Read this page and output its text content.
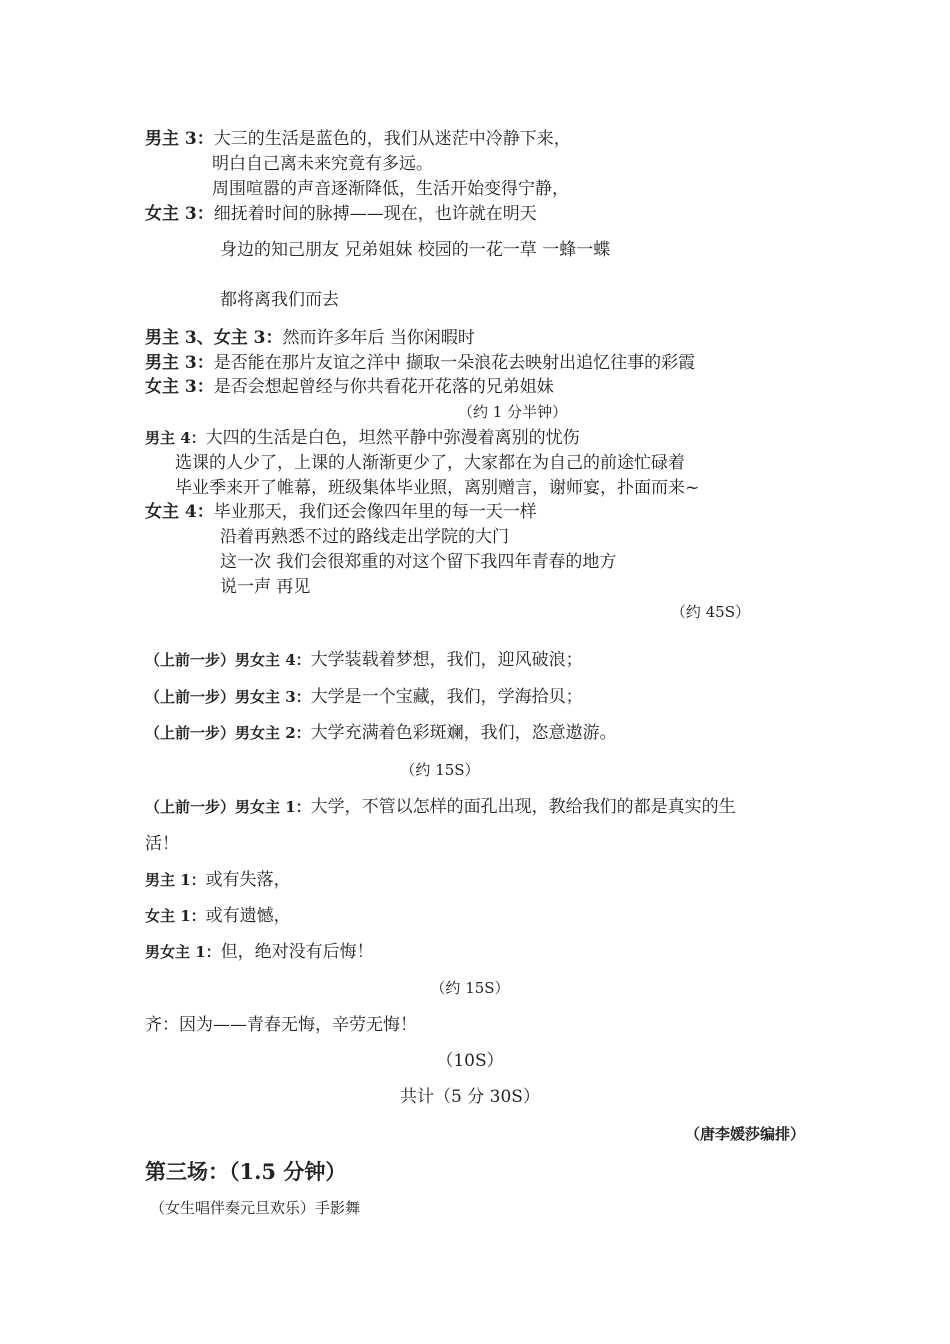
男主 3：大三的生活是蓝色的，我们从迷茫中冷静下来，
明白自己离未来究竟有多远。
周围喧嚣的声音逐渐降低，生活开始变得宁静，
女主 3：细抚着时间的脉搏——现在，也许就在明天
身边的知己朋友 兄弟姐妹 校园的一花一草 一蜂一蝶
都将离我们而去
男主 3、女主 3：然而许多年后 当你闲暇时
男主 3：是否能在那片友谊之洋中 撷取一朵浪花去映射出追忆往事的彩霞
女主 3：是否会想起曾经与你共看花开花落的兄弟姐妹
（约 1 分半钟）
男主 4：大四的生活是白色，坦然平静中弥漫着离别的忧伤
选课的人少了，上课的人渐渐更少了，大家都在为自己的前途忙碌着
毕业季来开了帷幕，班级集体毕业照，离别赠言，谢师宴，扑面而来~
女主 4：毕业那天，我们还会像四年里的每一天一样
沿着再熟悉不过的路线走出学院的大门
这一次 我们会很郑重的对这个留下我四年青春的地方
说一声 再见
（约 45S）
（上前一步）男女主 4：大学装载着梦想，我们，迎风破浪；
（上前一步）男女主 3：大学是一个宝藏，我们，学海拾贝；
（上前一步）男女主 2：大学充满着色彩斑斓，我们，恣意遨游。
（约 15S）
（上前一步）男女主 1：大学，不管以怎样的面孔出现，教给我们的都是真实的生
活！
男主 1：或有失落，
女主 1：或有遗憾，
男女主 1：但，绝对没有后悔！
（约 15S）
齐：因为——青春无悔，辛劳无悔！
（10S）
共计（5 分 30S）
（唐李媛莎编排）
第三场：（1.5 分钟）
（女生唱伴奏元旦欢乐）手影舞
